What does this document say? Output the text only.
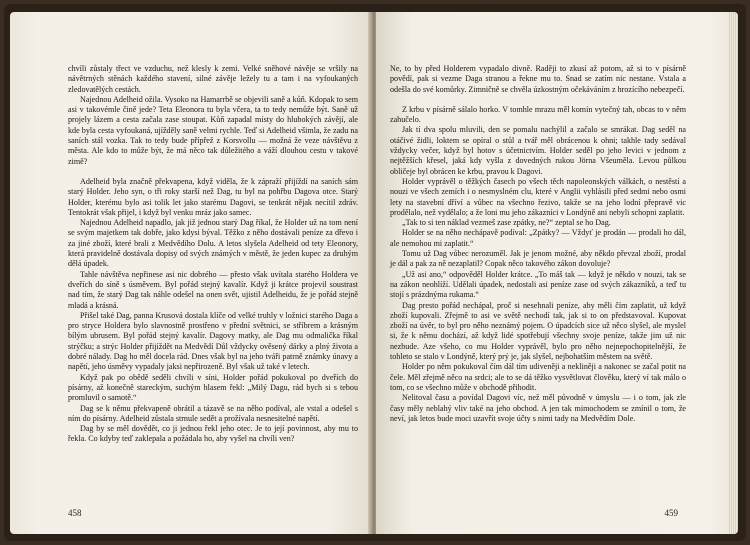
chvíli zůstaly třect ve vzduchu, než klesly k zemi. Velké sněhové návěje se vršily na návětrných stěnách každého stavení, silné závěje ležely tu a tam i na vyfoukaných zledovatělých cestách.

Najednou Adelheid ožila. Vysoko na Hamarrbě se objevili saně a kůň. Kdopak to sem asi v takovémle čině jede? Teta Eleonora tu byla včera, ta to tedy nemůže být. Saně už projely lázem a cesta začala zase stoupat. Kůň zapadal místy do hlubokých závějí, ale kde byla cesta vyfoukaná, ujížděly saně velmi rychle. Teď si Adelheid všimla, že zadu na saních stál vozka. Tak to tedy bude přípřež z Korsvollu — možná že veze návštěvu z města. Ale kdo to může být, že má něco tak důležitého a váží dlouhou cestu v takové zimě?

Adelheid byla značně překvapena, když viděla, že k zápraží přijíždí na saních sám starý Holder. Jeho syn, o tři roky starší než Dag, tu byl na pohřbu Dagova otce. Starý Holder, kterému bylo asi tolik let jako starému Dagovi, se tenkrát nějak necítil zdráv. Tentokrát však přijel, i když byl venku mráz jako samec.

Najednou Adelheid napadlo, jak již jednou starý Dag říkal, že Holder už na tom není se svým majetkem tak dobře, jako kdysi býval. Těžko z něho dostávali peníze za dřevo i za jiné zboží, které brali z Medvědího Dolu. A letos slyšela Adelheid od tety Eleonory, která pravidelně dostávala dopisy od svých známých v městě, že jeden kupec za druhým dělá úpadek.

Tahle návštěva nepřinese asi nic dobrého — přesto však uvítala starého Holdera ve dveřích do síně s úsměvem. Byl pořád stejný kavalír. Když ji krátce projevil soustrast nad tím, že starý Dag tak náhle odešel na onen svět, ujistil Adelheidu, že je pořád stejně mladá a krásná.

Přišel také Dag, panna Krusová dostala klíče od velké truhly v ložnici starého Daga a pro stryce Holdera bylo slavnostně prostřeno v přední světnici, se stříbrem a krásným bílým ubrusem. Byl pořád stejný kavalír. Dagovy matky, ale Dag mu odmalička říkal strýčku; a strýc Holder přijíždět na Medvědí Důl vždycky ověsený dárky a plný života a dobré nálady. Dag ho měl docela rád. Dnes však byl na jeho tváři patrně známky únavy a napětí, jeho úsměvy vypadaly jaksi nepřirozeně. Byl však už také v letech.

Když pak po obědě seděli chvíli v síni, Holder pořád pokukoval po dveřích do písárny, až konečně stareckým, suchým hlasem řekl: „Milý Dagu, rád bych si s tebou promluvil o samotě.“

Dag se k němu překvapeně obrátil a tázavě se na něho podíval, ale vstal a odešel s ním do písárny. Adelheid zůstala strnule sedět a prožívala nesnesitelné napětí.

Dag by se měl dovědět, co ji jednou řekl jeho otec. Je to její povinnost, aby mu to řekla. Co kdyby teď zaklepala a požádala ho, aby vyšel na chvíli ven?

458

Ne, to by před Holderem vypadalo divně. Raději to zkusí až potom, až si to v písárně povědí, pak si vezme Daga stranou a řekne mu to. Snad se zatím nic nestane. Vstala a odešla do své komůrky. Zimničně se chvěla úzkostným očekáváním z hrozícího nebezpečí.

Z krbu v písárně sálalo horko. V tomhle mrazu měl komín vytečný tah, obcas to v něm zahučelo.

Jak tí dva spolu mluvili, den se pomalu nachýlil a začalo se smrákat. Dag seděl na otáčivé židli, loktem se opíral o stůl a tvář měl obrácenou k ohni; takhle tady sedával vždycky večer, když byl hotov s účetnictvím. Holder seděl po jeho levici v jednom z nejtěžších křesel, jaká kdy vyšla z dovedných rukou Jörna Všeumělа. Levou půlkou obličeje byl obrácen ke krbu, pravou k Dagovi.

Holder vyprávěl o těžkých časech po všech těch napoleonských válkách, o nestěstí a nouzi ve všech zemích i o nesmyslném clu, které v Anglii vyhlásili před sedmi nebo osmi lety na stavební dříví a vůbec na všechno řezivo, takže se na jeho lodní přepravě vic prodělalo, než vydělalo; a že loni mu jeho zákazníci v Londýně ani nebyli schopni zaplatit.

„Tak to si ten náklad vezmeš zase zpátky, ne?“ zeptal se ho Dag.

Holder se na něho nechápavě podíval: „Zpátky? — Vždyť je prodán — prodali ho dál, ale nemohou mi zaplatit.“

Tomu už Dag vůbec nerozuměl. Jak je jenom možné, aby někdo převzal zboží, prodal je dál a pak za ně nezaplatil? Copak něco takového zákon dovoluje?

„Už asi ano,“ odpověděl Holder krátce. „To máš tak — když je někdo v nouzi, tak se na zákon neohlíží. Udělali úpadek, nedostali asi peníze zase od svých zákazníků, a teď tu stojí s prázdnýma rukama.“

Dag presto pořád nechápal, proč si nesehnali peníze, aby měli čím zaplatit, už když zboží kupovali. Zřejmě to asi ve světě nechodí tak, jak si to on představoval. Kupovat zboží na úvěr, to byl pro něho neznámý pojem. O úpadcích sice už něco slyšel, ale myslel si, že k němu dochází, až když lidé spotřebují všechny svoje peníze, takže jim už nic nezbude. Aze všeho, co mu Holder vyprávěl, bylo pro něho nejnepochopitelnější, že tohleto se stalo v Londýně, který prý je, jak slyšel, nejbohatším městem na světě.

Holder po něm pokukoval čím dál tím udiveněji a nekliněji a nakonec se začal potit na čele. Měl zřejmě něco na srdci; ale to se dá těžko vysvětlovat člověku, který ví tak málo o tom, co se všechno může v obchodě přihodit.

Nelitoval času a povídal Dagovi víc, než měl původně v úmyslu — i o tom, jak zle časy měly neblahý vliv také na jeho obchod. A jen tak mimochodem se zmínil o tom, že neví, jak letos bude moci uzavřít svoje účty s nimi tady na Medvědím Dole.

459
